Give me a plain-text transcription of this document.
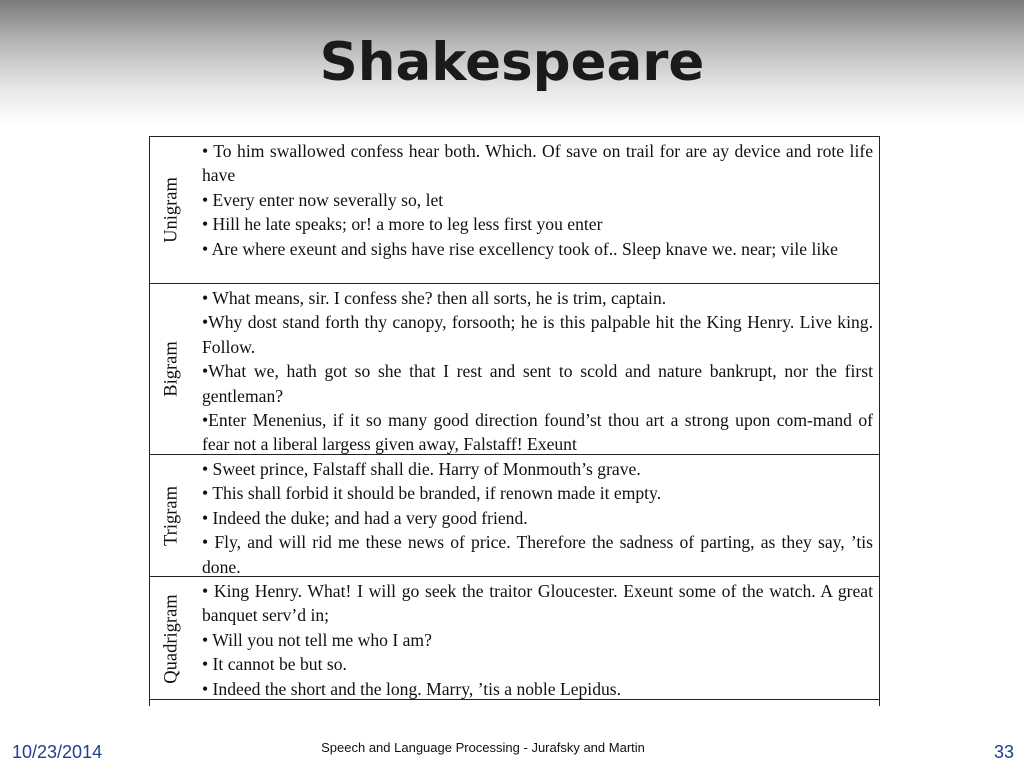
Shakespeare
Unigram

• To him swallowed confess hear both. Which. Of save on trail for are ay device and rote life have

• Every enter now severally so, let

• Hill he late speaks; or! a more to leg less first you enter

• Are where exeunt and sighs have rise excellency took of.. Sleep knave we. near; vile like

Bigram

• What means, sir. I confess she? then all sorts, he is trim, captain.

•Why dost stand forth thy canopy, forsooth; he is this palpable hit the King Henry. Live king. Follow.

•What we, hath got so she that I rest and sent to scold and nature bankrupt, nor the first gentleman?

•Enter Menenius, if it so many good direction found’st thou art a strong upon com-mand of fear not a liberal largess given away, Falstaff! Exeunt

Trigram

• Sweet prince, Falstaff shall die. Harry of Monmouth’s grave.

• This shall forbid it should be branded, if renown made it empty.

• Indeed the duke; and had a very good friend.

• Fly, and will rid me these news of price. Therefore the sadness of parting, as they say, ’tis done.

Quadrigram

• King Henry. What! I will go seek the traitor Gloucester. Exeunt some of the watch. A great banquet serv’d in;

• Will you not tell me who I am?

• It cannot be but so.

• Indeed the short and the long. Marry, ’tis a noble Lepidus.

10/23/2014	Speech and Language Processing - Jurafsky and Martin	33
